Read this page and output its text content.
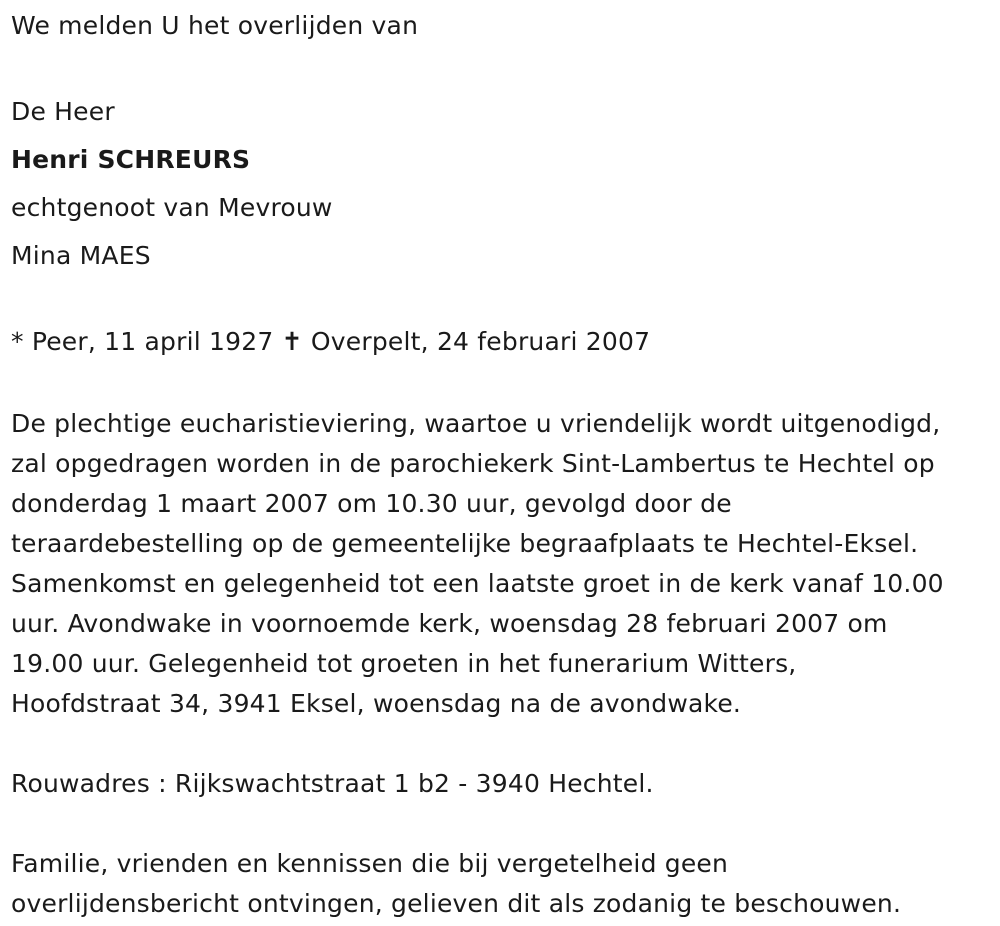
We melden U het overlijden van

De Heer

Henri SCHREURS

echtgenoot van Mevrouw

Mina MAES

* Peer, 11 april 1927 ✝ Overpelt, 24 februari 2007

De plechtige eucharistieviering, waartoe u vriendelijk wordt uitgenodigd,

zal opgedragen worden in de parochiekerk Sint-Lambertus te Hechtel op

donderdag 1 maart 2007 om 10.30 uur, gevolgd door de

teraardebestelling op de gemeentelijke begraafplaats te Hechtel-Eksel.

Samenkomst en gelegenheid tot een laatste groet in de kerk vanaf 10.00

uur. Avondwake in voornoemde kerk, woensdag 28 februari 2007 om

19.00 uur. Gelegenheid tot groeten in het funerarium Witters,

Hoofdstraat 34, 3941 Eksel, woensdag na de avondwake.

Rouwadres : Rijkswachtstraat 1 b2 - 3940 Hechtel.

Familie, vrienden en kennissen die bij vergetelheid geen

overlijdensbericht ontvingen, gelieven dit als zodanig te beschouwen.
